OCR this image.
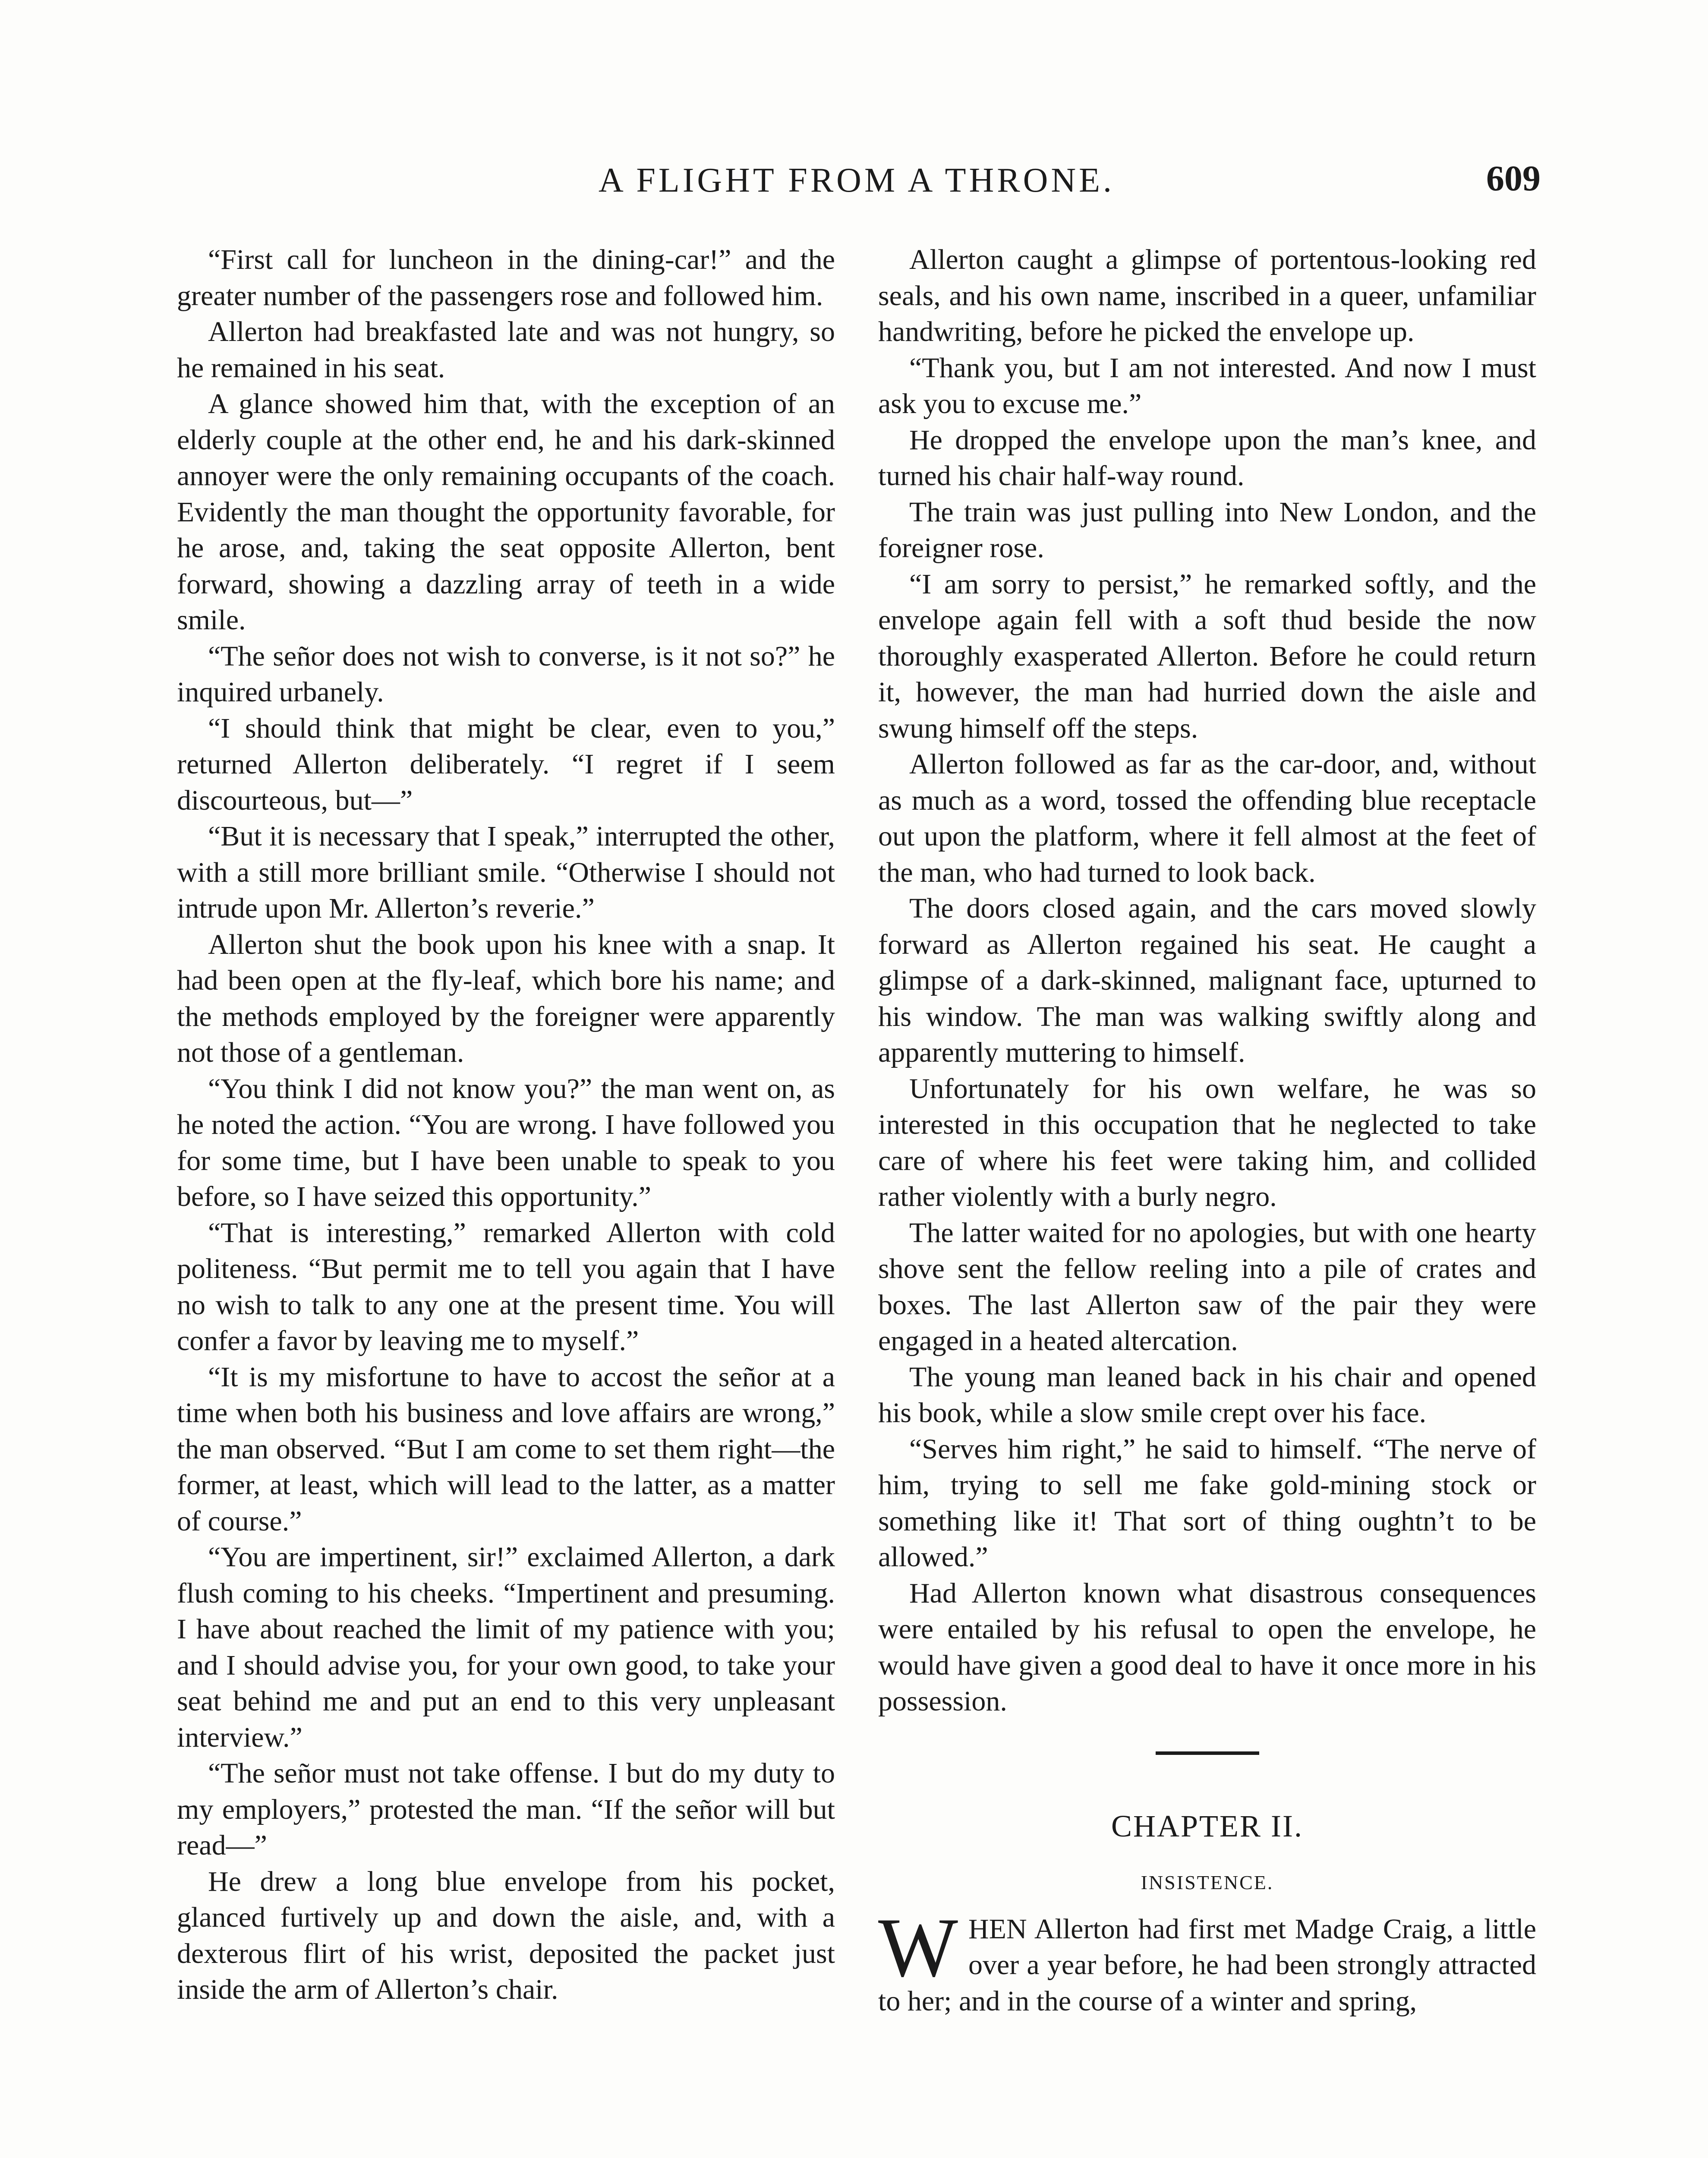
A FLIGHT FROM A THRONE.	609

“First call for luncheon in the dining-car!” and the greater number of the passengers rose and followed him.

Allerton had breakfasted late and was not hungry, so he remained in his seat.

A glance showed him that, with the exception of an elderly couple at the other end, he and his dark-skinned annoyer were the only remaining occupants of the coach. Evidently the man thought the opportunity favorable, for he arose, and, taking the seat opposite Allerton, bent forward, showing a dazzling array of teeth in a wide smile.

“The señor does not wish to converse, is it not so?” he inquired urbanely.

“I should think that might be clear, even to you,” returned Allerton deliberately. “I regret if I seem discourteous, but—”

“But it is necessary that I speak,” interrupted the other, with a still more brilliant smile. “Otherwise I should not intrude upon Mr. Allerton’s reverie.”

Allerton shut the book upon his knee with a snap. It had been open at the fly-leaf, which bore his name; and the methods employed by the foreigner were apparently not those of a gentleman.

“You think I did not know you?” the man went on, as he noted the action. “You are wrong. I have followed you for some time, but I have been unable to speak to you before, so I have seized this opportunity.”

“That is interesting,” remarked Allerton with cold politeness. “But permit me to tell you again that I have no wish to talk to any one at the present time. You will confer a favor by leaving me to myself.”

“It is my misfortune to have to accost the señor at a time when both his business and love affairs are wrong,” the man observed. “But I am come to set them right—the former, at least, which will lead to the latter, as a matter of course.”

“You are impertinent, sir!” exclaimed Allerton, a dark flush coming to his cheeks. “Impertinent and presuming. I have about reached the limit of my patience with you; and I should advise you, for your own good, to take your seat behind me and put an end to this very unpleasant interview.”

“The señor must not take offense. I but do my duty to my employers,” protested the man. “If the señor will but read—”

He drew a long blue envelope from his pocket, glanced furtively up and down the aisle, and, with a dexterous flirt of his wrist, deposited the packet just inside the arm of Allerton’s chair.

Allerton caught a glimpse of portentous-looking red seals, and his own name, inscribed in a queer, unfamiliar handwriting, before he picked the envelope up.

“Thank you, but I am not interested. And now I must ask you to excuse me.”

He dropped the envelope upon the man’s knee, and turned his chair half-way round.

The train was just pulling into New London, and the foreigner rose.

“I am sorry to persist,” he remarked softly, and the envelope again fell with a soft thud beside the now thoroughly exasperated Allerton. Before he could return it, however, the man had hurried down the aisle and swung himself off the steps.

Allerton followed as far as the car-door, and, without as much as a word, tossed the offending blue receptacle out upon the platform, where it fell almost at the feet of the man, who had turned to look back.

The doors closed again, and the cars moved slowly forward as Allerton regained his seat. He caught a glimpse of a dark-skinned, malignant face, upturned to his window. The man was walking swiftly along and apparently muttering to himself.

Unfortunately for his own welfare, he was so interested in this occupation that he neglected to take care of where his feet were taking him, and collided rather violently with a burly negro.

The latter waited for no apologies, but with one hearty shove sent the fellow reeling into a pile of crates and boxes. The last Allerton saw of the pair they were engaged in a heated altercation.

The young man leaned back in his chair and opened his book, while a slow smile crept over his face.

“Serves him right,” he said to himself. “The nerve of him, trying to sell me fake gold-mining stock or something like it! That sort of thing oughtn’t to be allowed.”

Had Allerton known what disastrous consequences were entailed by his refusal to open the envelope, he would have given a good deal to have it once more in his possession.

CHAPTER II.
INSISTENCE.

WHEN Allerton had first met Madge Craig, a little over a year before, he had been strongly attracted to her; and in the course of a winter and spring,
